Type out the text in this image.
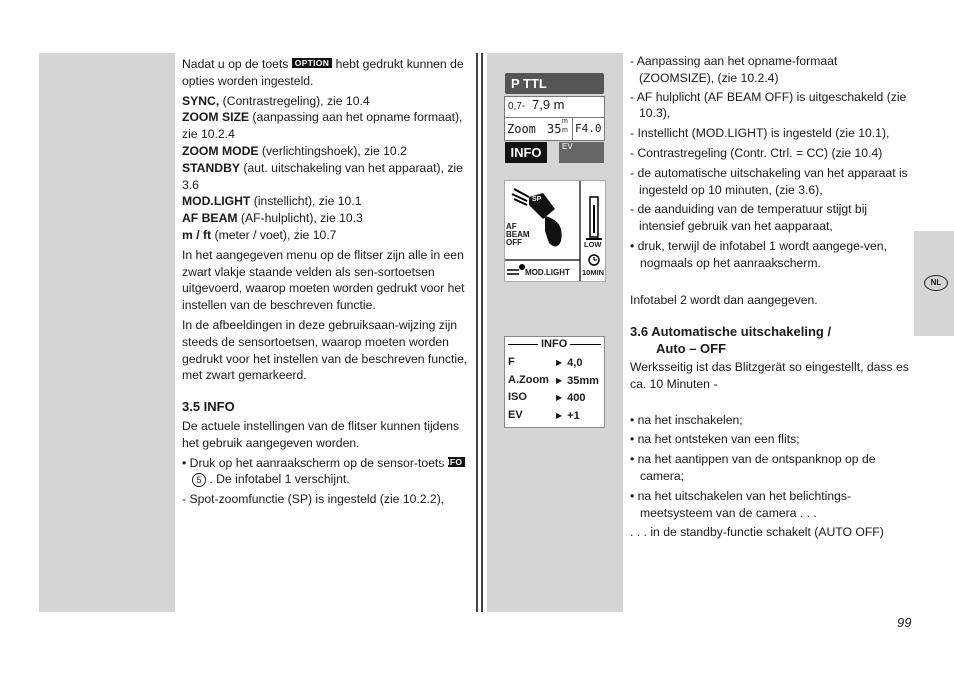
NL

Nadat u op de toets OPTION hebt gedrukt kunnen de opties worden ingesteld.

SYNC, (Contrastregeling), zie 10.4

ZOOM SIZE (aanpassing aan het opname formaat), zie 10.2.4

ZOOM MODE (verlichtingshoek), zie 10.2

STANDBY (aut. uitschakeling van het apparaat), zie 3.6

MOD.LIGHT (instellicht), zie 10.1

AF BEAM (AF-hulplicht), zie 10.3

m / ft (meter / voet), zie 10.7

In het aangegeven menu op de flitser zijn alle in een zwart vlakje staande velden als sen-sortoetsen uitgevoerd, waarop moeten worden gedrukt voor het instellen van de beschreven functie.

In de afbeeldingen in deze gebruiksaan-wijzing zijn steeds de sensortoetsen, waarop moeten worden gedrukt voor het instellen van de beschreven functie, met zwart gemarkeerd.

3.5 INFO

De actuele instellingen van de flitser kunnen tijdens het gebruik aangegeven worden.

• Druk op het aanraakscherm op de sensor-toets INFO 5 . De infotabel 1 verschijnt.

- Spot-zoomfunctie (SP) is ingesteld (zie 10.2.2),

P TTL
0,7- 7,9 m
Zoom 35
m
m F4.0
INFO	EV
SP
AF
BEAM
OFF	LOW
MOD.LIGHT 10MIN
INFO
F	▶ 4,0
A.Zoom	▶ 35mm
ISO	▶ 400
EV	▶ +1

- Aanpassing aan het opname-formaat (ZOOMSIZE), (zie 10.2.4)

- AF hulplicht (AF BEAM OFF) is uitgeschakeld (zie 10.3),

- Instellicht (MOD.LIGHT) is ingesteld (zie 10.1),

- Contrastregeling (Contr. Ctrl. = CC) (zie 10.4)

- de automatische uitschakeling van het apparaat is ingesteld op 10 minuten, (zie 3.6),

- de aanduiding van de temperatuur stijgt bij intensief gebruik van het aapparaat,

• druk, terwijl de infotabel 1 wordt aangege-ven, nogmaals op het aanraakscherm.

Infotabel 2 wordt dan aangegeven.

3.6 Automatische uitschakeling /

Auto – OFF

Werksseitig ist das Blitzgerät so eingestellt, dass es ca. 10 Minuten -

• na het inschakelen;

• na het ontsteken van een flits;

• na het aantippen van de ontspanknop op de camera;

• na het uitschakelen van het belichtings-meetsysteem van de camera . . .

. . . in de standby-functie schakelt (AUTO OFF)

99
